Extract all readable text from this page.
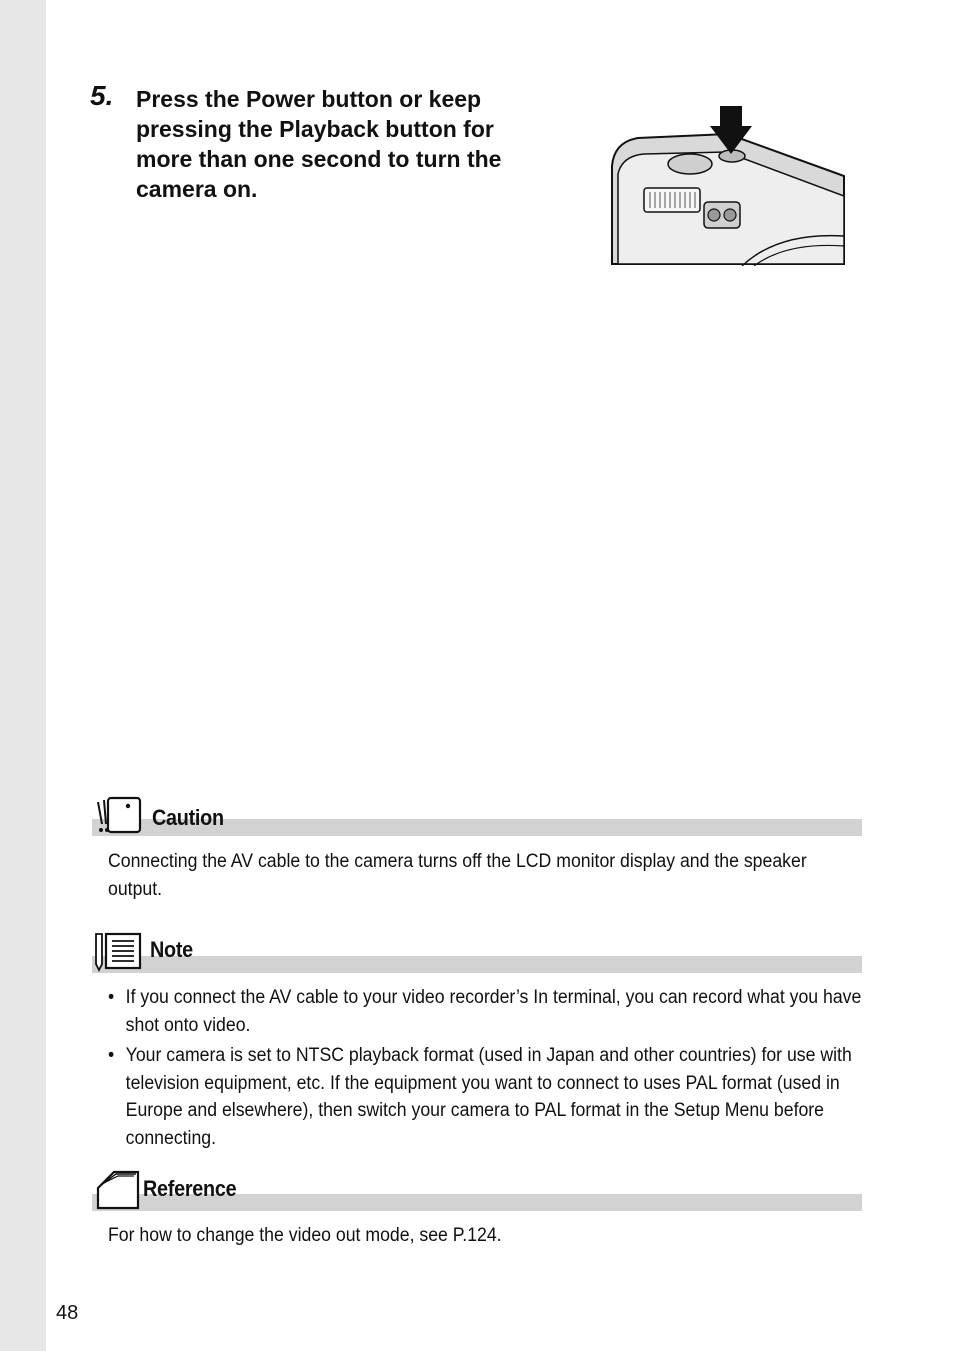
5. Press the Power button or keep pressing the Playback button for more than one second to turn the camera on.
Caution
Connecting the AV cable to the camera turns off the LCD monitor display and the speaker output.
Note
• If you connect the AV cable to your video recorder’s In terminal, you can record what you have shot onto video.
• Your camera is set to NTSC playback format (used in Japan and other countries) for use with television equipment, etc. If the equipment you want to connect to uses PAL format (used in Europe and elsewhere), then switch your camera to PAL format in the Setup Menu before connecting.
Reference
For how to change the video out mode, see P.124.
48
